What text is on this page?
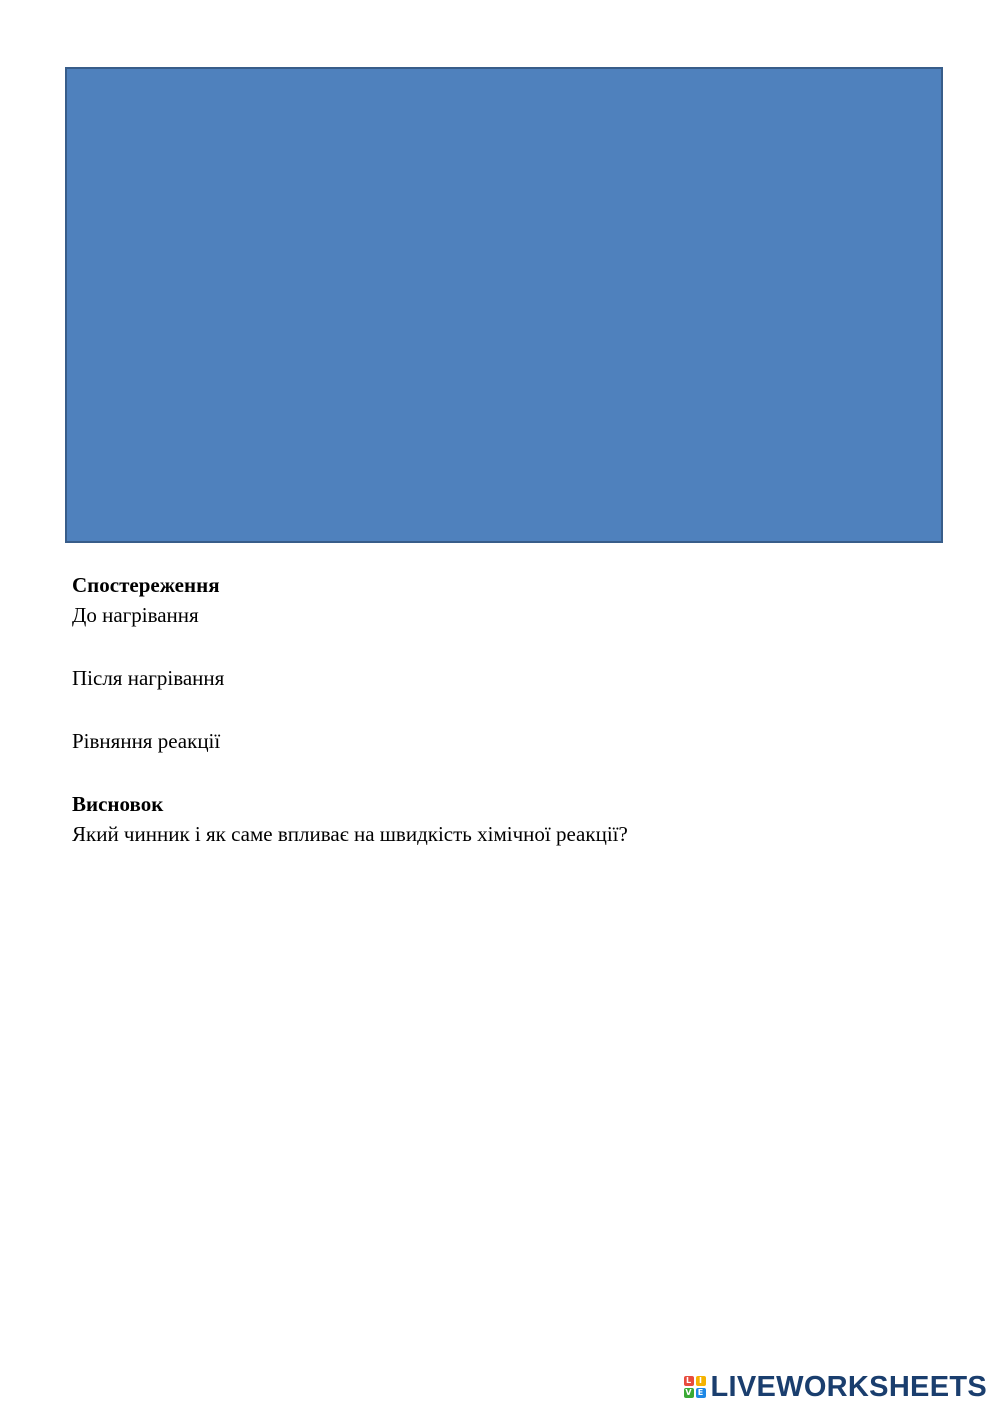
Спостереження
До нагрівання
Після нагрівання
Рівняння реакції
Висновок
Який чинник і як саме впливає на швидкість хімічної реакції?
L I
V E LIVEWORKSHEETS
